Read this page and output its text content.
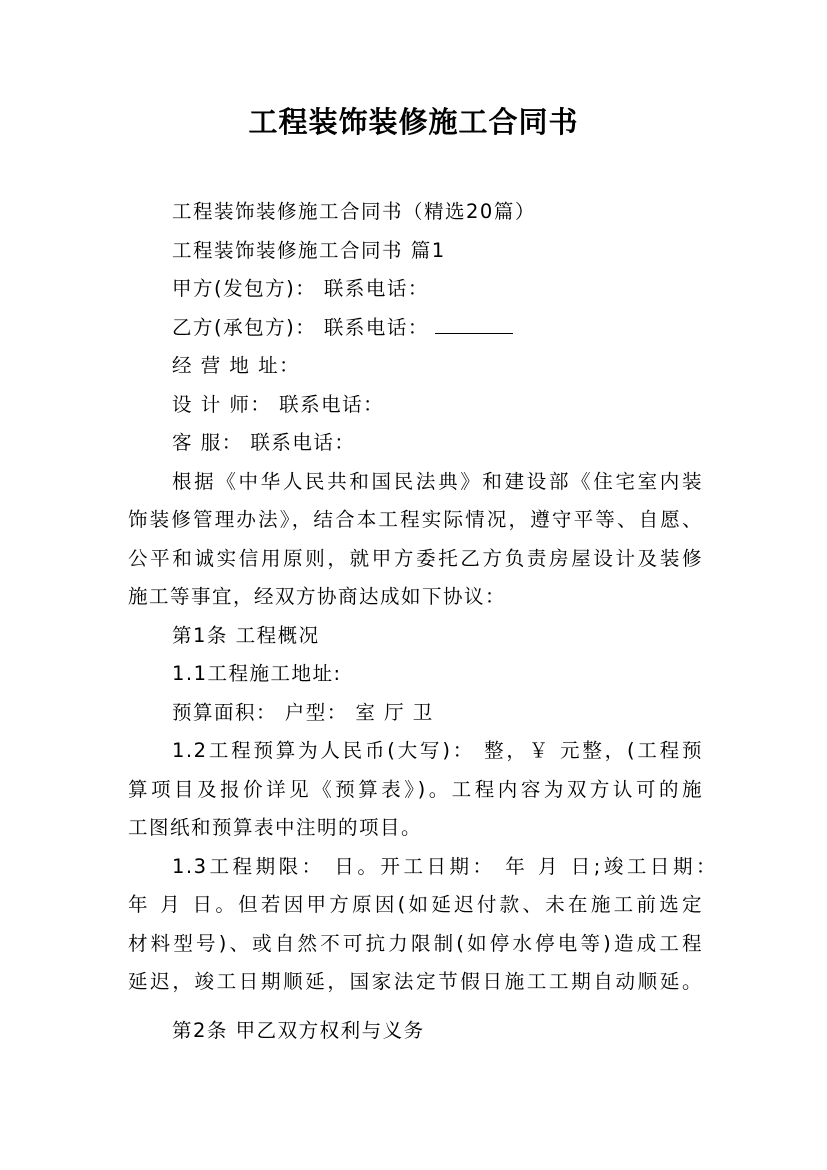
工程装饰装修施工合同书
工程装饰装修施工合同书（精选20篇）
工程装饰装修施工合同书 篇1
甲方(发包方)： 联系电话：
乙方(承包方)： 联系电话：
经 营 地 址：
设 计 师： 联系电话：
客 服： 联系电话：
根据《中华人民共和国民法典》和建设部《住宅室内装
饰装修管理办法》，结合本工程实际情况，遵守平等、自愿、
公平和诚实信用原则，就甲方委托乙方负责房屋设计及装修
施工等事宜，经双方协商达成如下协议：
第1条 工程概况
1.1工程施工地址:
预算面积： 户型： 室 厅 卫
1.2工程预算为人民币(大写)： 整，￥ 元整，(工程预
算项目及报价详见《预算表》)。工程内容为双方认可的施
工图纸和预算表中注明的项目。
1.3工程期限： 日。开工日期： 年 月 日;竣工日期：
年 月 日。但若因甲方原因(如延迟付款、未在施工前选定
材料型号)、或自然不可抗力限制(如停水停电等)造成工程
延迟，竣工日期顺延，国家法定节假日施工工期自动顺延。
第2条 甲乙双方权利与义务
